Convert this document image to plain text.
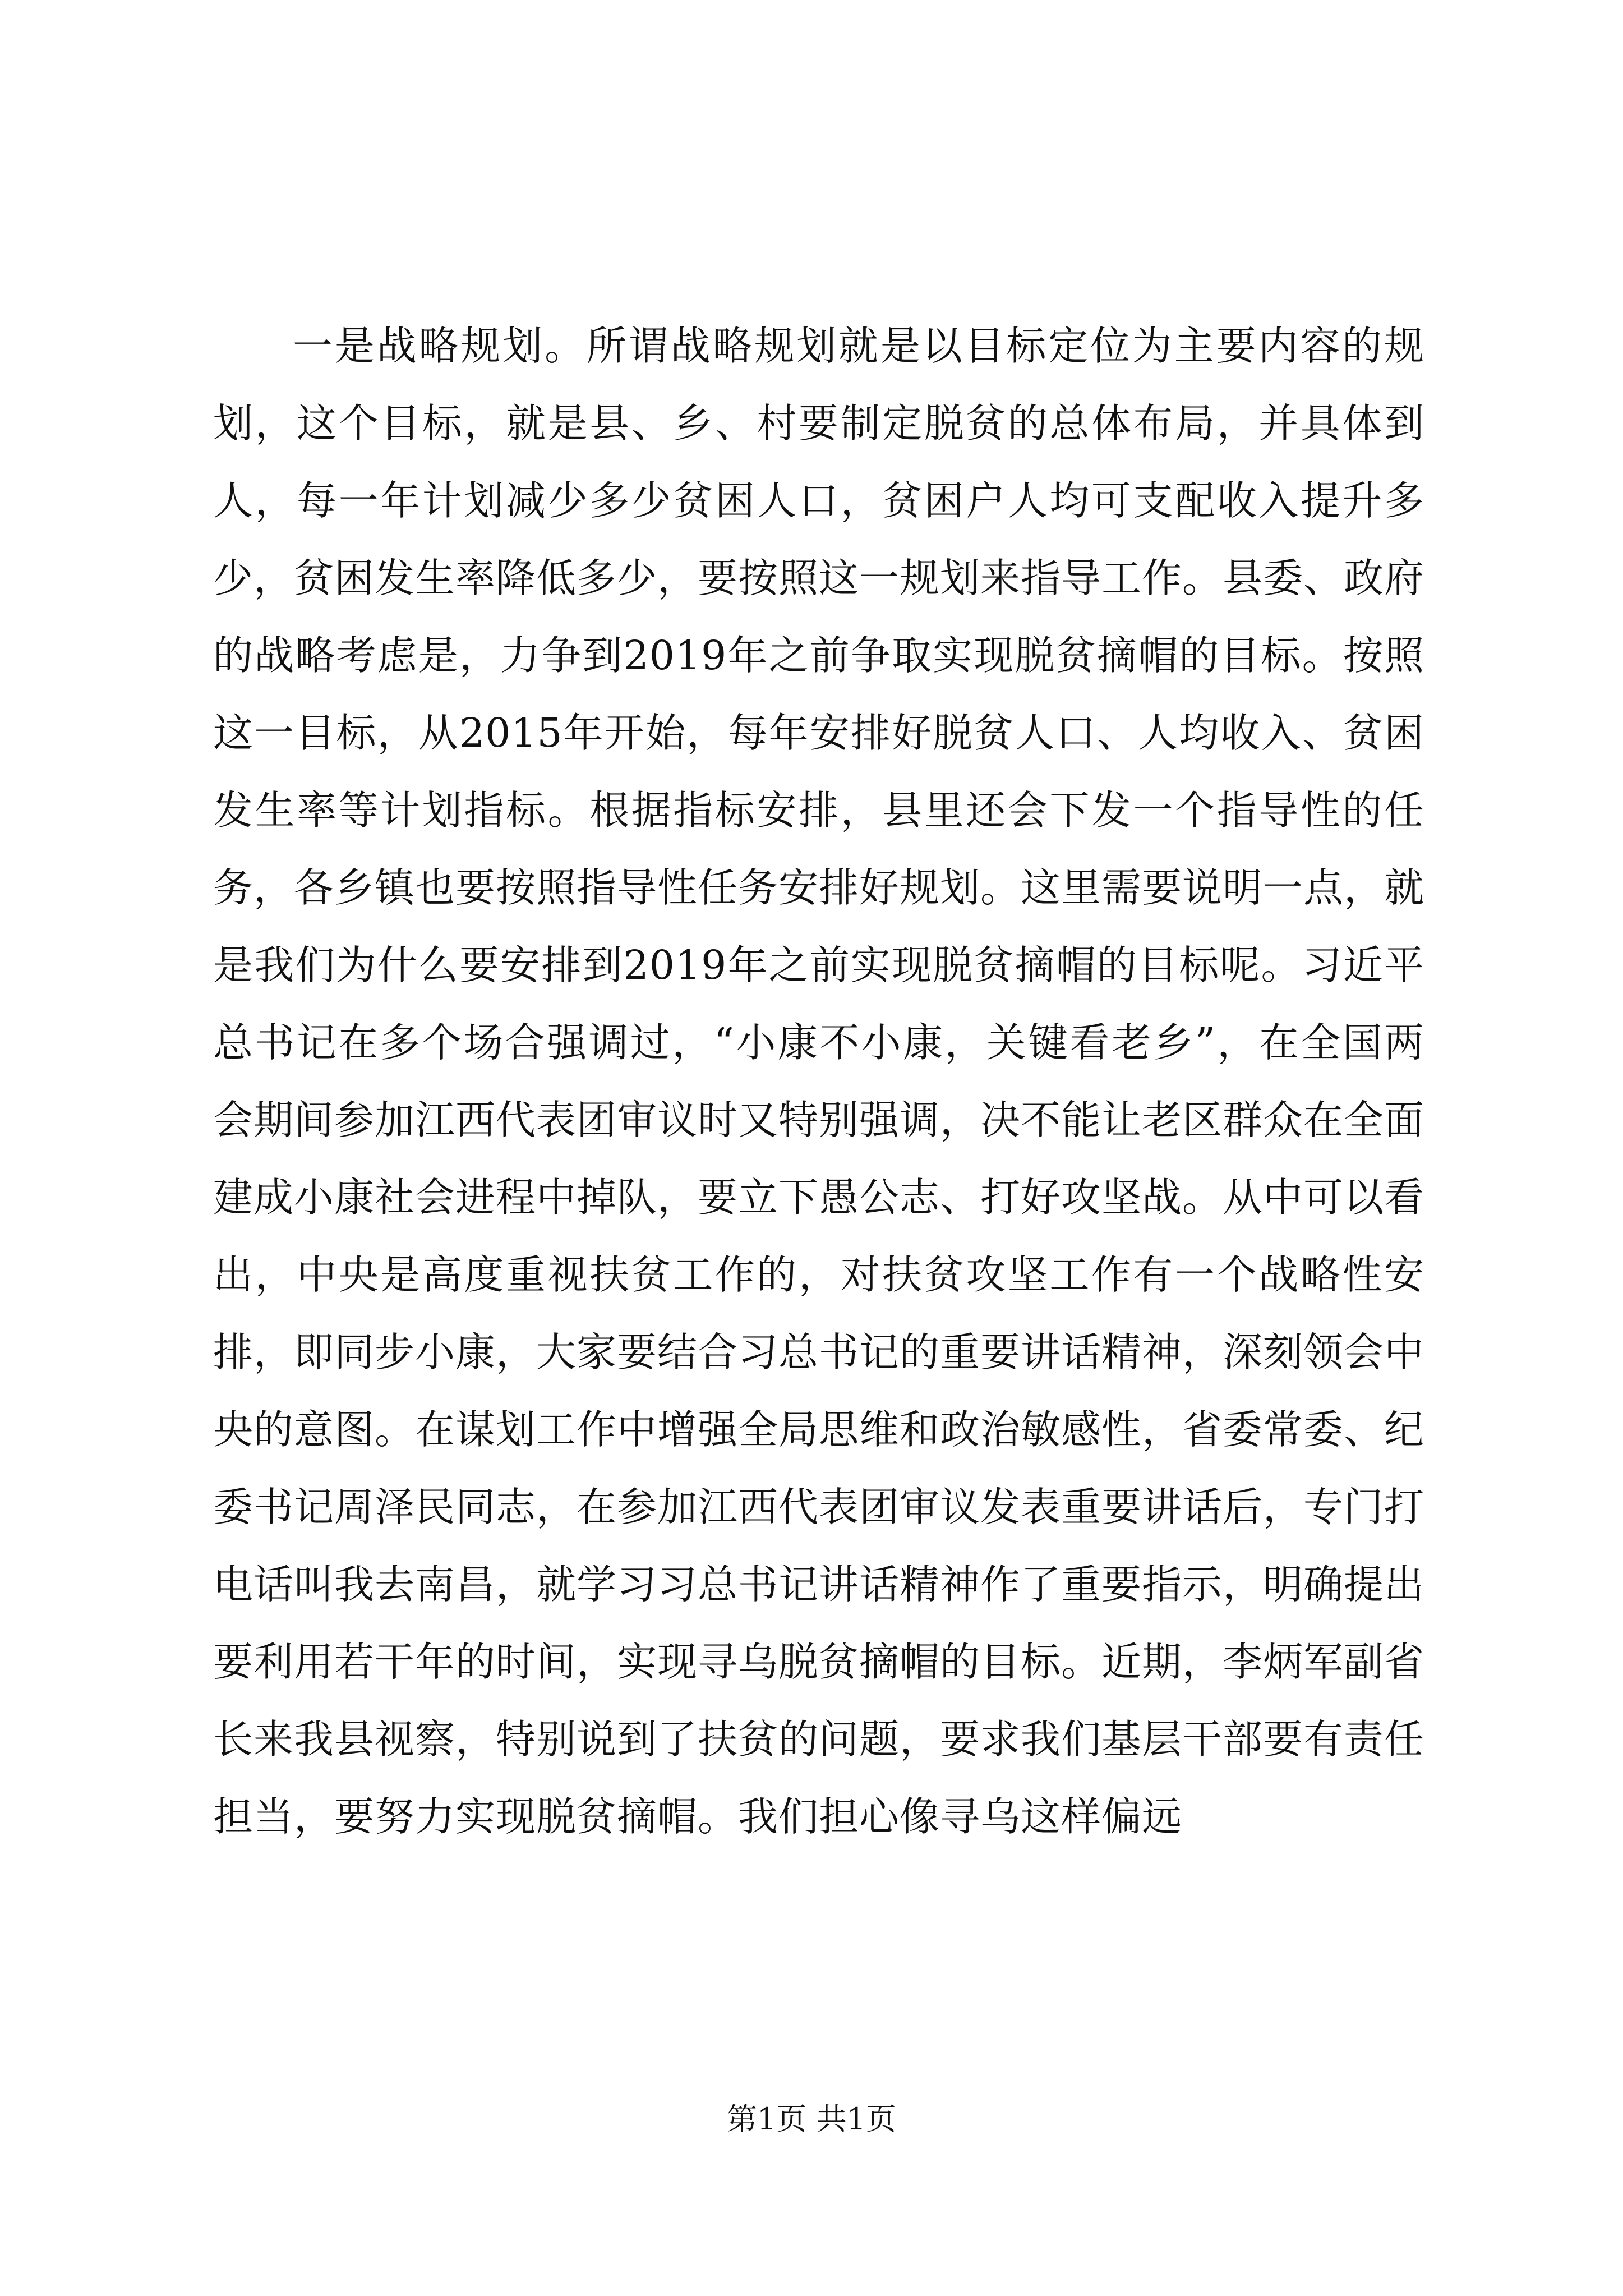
一是战略规划。所谓战略规划就是以目标定位为主要内容的规划，这个目标，就是县、乡、村要制定脱贫的总体布局，并具体到人，每一年计划减少多少贫困人口，贫困户人均可支配收入提升多少，贫困发生率降低多少，要按照这一规划来指导工作。县委、政府的战略考虑是，力争到2019年之前争取实现脱贫摘帽的目标。按照这一目标，从2015年开始，每年安排好脱贫人口、人均收入、贫困发生率等计划指标。根据指标安排，县里还会下发一个指导性的任务，各乡镇也要按照指导性任务安排好规划。这里需要说明一点，就是我们为什么要安排到2019年之前实现脱贫摘帽的目标呢。习近平总书记在多个场合强调过，“小康不小康，关键看老乡”，在全国两会期间参加江西代表团审议时又特别强调，决不能让老区群众在全面建成小康社会进程中掉队，要立下愚公志、打好攻坚战。从中可以看出，中央是高度重视扶贫工作的，对扶贫攻坚工作有一个战略性安排，即同步小康，大家要结合习总书记的重要讲话精神，深刻领会中央的意图。在谋划工作中增强全局思维和政治敏感性，省委常委、纪委书记周泽民同志，在参加江西代表团审议发表重要讲话后，专门打电话叫我去南昌，就学习习总书记讲话精神作了重要指示，明确提出要利用若干年的时间，实现寻乌脱贫摘帽的目标。近期，李炳军副省长来我县视察，特别说到了扶贫的问题，要求我们基层干部要有责任担当，要努力实现脱贫摘帽。我们担心像寻乌这样偏远

第1页 共1页
